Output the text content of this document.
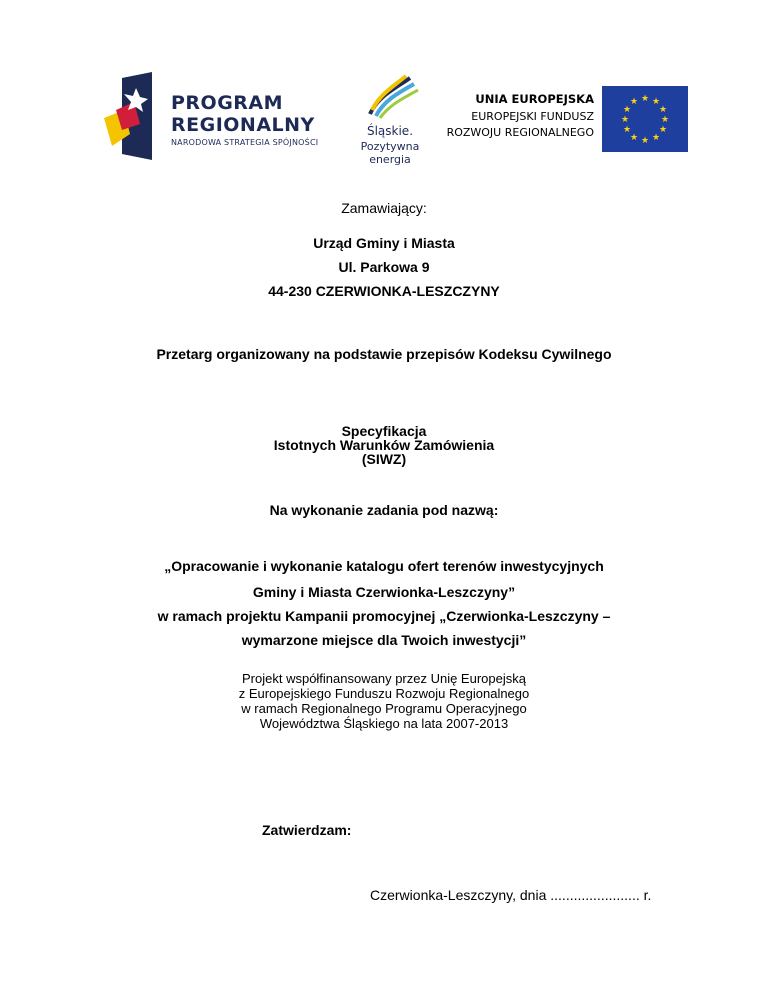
PROGRAM
REGIONALNY
NARODOWA STRATEGIA SPÓJNOŚCI
Śląskie.
Pozytywna energia
UNIA EUROPEJSKA
EUROPEJSKI FUNDUSZ
ROZWOJU REGIONALNEGO
★ ★
★
★
★
★
★
★
★
★
★
★
Zamawiający:
Urząd Gminy i Miasta
Ul. Parkowa 9
44-230 CZERWIONKA-LESZCZYNY
Przetarg organizowany na podstawie przepisów Kodeksu Cywilnego
Specyfikacja
Istotnych Warunków Zamówienia
(SIWZ)
Na wykonanie zadania pod nazwą:
„Opracowanie i wykonanie katalogu ofert terenów inwestycyjnych
Gminy i Miasta Czerwionka-Leszczyny”
w ramach projektu Kampanii promocyjnej „Czerwionka-Leszczyny –
wymarzone miejsce dla Twoich inwestycji”
Projekt współfinansowany przez Unię Europejską
z Europejskiego Funduszu Rozwoju Regionalnego
w ramach Regionalnego Programu Operacyjnego
Województwa Śląskiego na lata 2007-2013
Zatwierdzam:
Czerwionka-Leszczyny, dnia ....................... r.
